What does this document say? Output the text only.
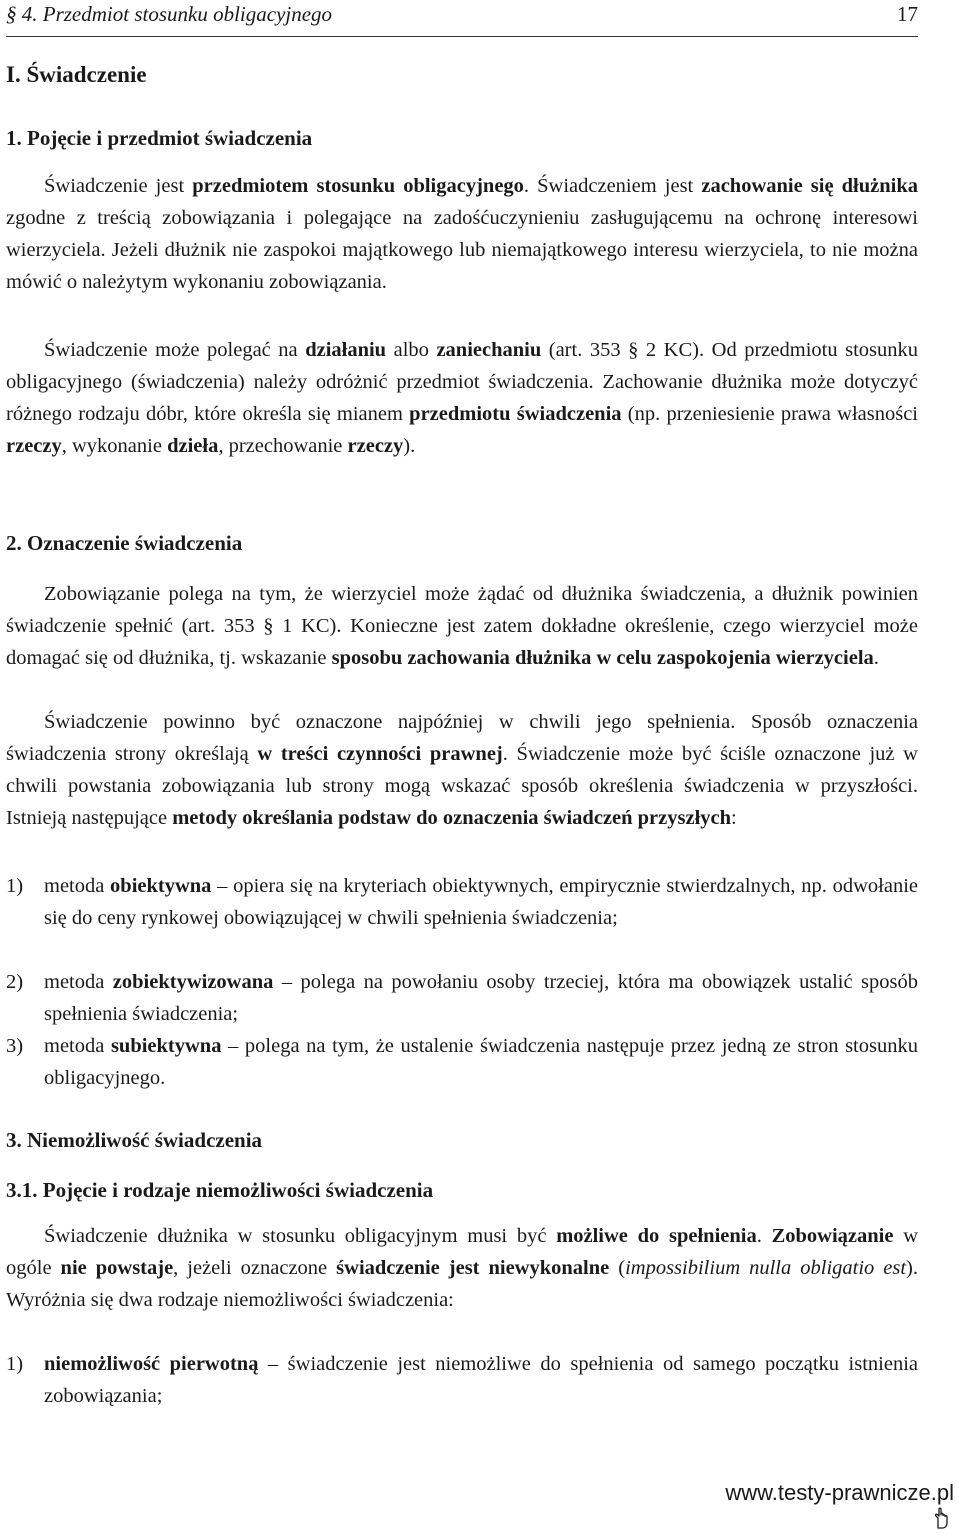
§ 4. Przedmiot stosunku obligacyjnego	17
I. Świadczenie
1. Pojęcie i przedmiot świadczenia

Świadczenie jest przedmiotem stosunku obligacyjnego. Świadczeniem jest zachowanie się dłużnika zgodne z treścią zobowiązania i polegające na zadośćuczynieniu zasługującemu na ochronę interesowi wierzyciela. Jeżeli dłużnik nie zaspokoi majątkowego lub niemajątkowego interesu wierzyciela, to nie można mówić o należytym wykonaniu zobowiązania.

Świadczenie może polegać na działaniu albo zaniechaniu (art. 353 § 2 KC). Od przedmiotu stosunku obligacyjnego (świadczenia) należy odróżnić przedmiot świadczenia. Zachowanie dłużnika może dotyczyć różnego rodzaju dóbr, które określa się mianem przedmiotu świadczenia (np. przeniesienie prawa własności rzeczy, wykonanie dzieła, przechowanie rzeczy).

2. Oznaczenie świadczenia

Zobowiązanie polega na tym, że wierzyciel może żądać od dłużnika świadczenia, a dłużnik powinien świadczenie spełnić (art. 353 § 1 KC). Konieczne jest zatem dokładne określenie, czego wierzyciel może domagać się od dłużnika, tj. wskazanie sposobu zachowania dłużnika w celu zaspokojenia wierzyciela.

Świadczenie powinno być oznaczone najpóźniej w chwili jego spełnienia. Sposób oznaczenia świadczenia strony określają w treści czynności prawnej. Świadczenie może być ściśle oznaczone już w chwili powstania zobowiązania lub strony mogą wskazać sposób określenia świadczenia w przyszłości. Istnieją następujące metody określania podstaw do oznaczenia świadczeń przyszłych:

1) metoda obiektywna – opiera się na kryteriach obiektywnych, empirycznie stwierdzalnych, np. odwołanie się do ceny rynkowej obowiązującej w chwili spełnienia świadczenia;
2) metoda zobiektywizowana – polega na powołaniu osoby trzeciej, która ma obowiązek ustalić sposób spełnienia świadczenia;
3) metoda subiektywna – polega na tym, że ustalenie świadczenia następuje przez jedną ze stron stosunku obligacyjnego.
3. Niemożliwość świadczenia
3.1. Pojęcie i rodzaje niemożliwości świadczenia

Świadczenie dłużnika w stosunku obligacyjnym musi być możliwe do spełnienia. Zobowiązanie w ogóle nie powstaje, jeżeli oznaczone świadczenie jest niewykonalne (impossibilium nulla obligatio est). Wyróżnia się dwa rodzaje niemożliwości świadczenia:

1) niemożliwość pierwotną – świadczenie jest niemożliwe do spełnienia od samego początku istnienia zobowiązania;
www.testy-prawnicze.pl
